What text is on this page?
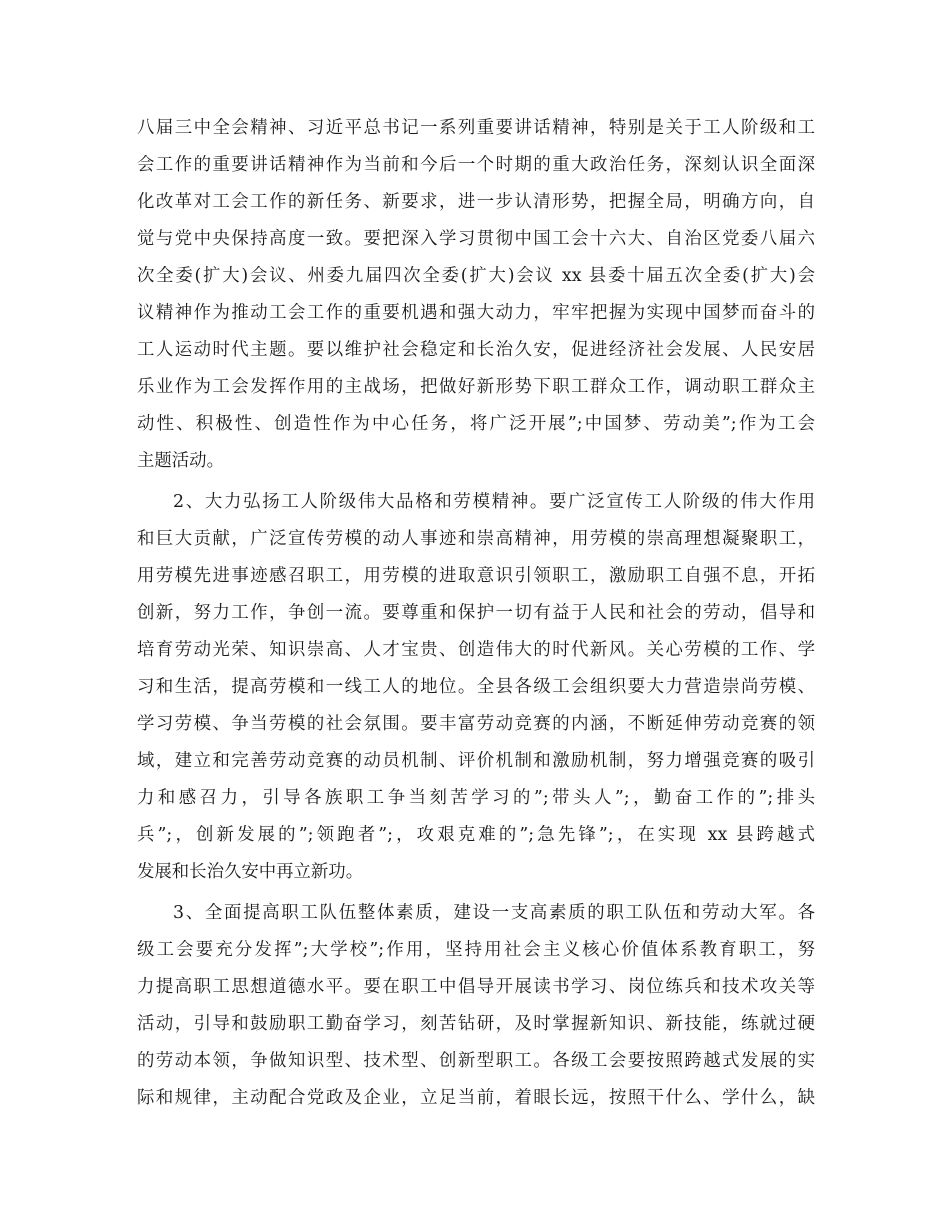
八届三中全会精神、习近平总书记一系列重要讲话精神，特别是关于工人阶级和工
会工作的重要讲话精神作为当前和今后一个时期的重大政治任务，深刻认识全面深
化改革对工会工作的新任务、新要求，进一步认清形势，把握全局，明确方向，自
觉与党中央保持高度一致。要把深入学习贯彻中国工会十六大、自治区党委八届六
次全委(扩大)会议、州委九届四次全委(扩大)会议 xx 县委十届五次全委(扩大)会
议精神作为推动工会工作的重要机遇和强大动力，牢牢把握为实现中国梦而奋斗的
工人运动时代主题。要以维护社会稳定和长治久安，促进经济社会发展、人民安居
乐业作为工会发挥作用的主战场，把做好新形势下职工群众工作，调动职工群众主
动性、积极性、创造性作为中心任务，将广泛开展”;中国梦、劳动美”;作为工会
主题活动。
2、大力弘扬工人阶级伟大品格和劳模精神。要广泛宣传工人阶级的伟大作用
和巨大贡献，广泛宣传劳模的动人事迹和崇高精神，用劳模的崇高理想凝聚职工，
用劳模先进事迹感召职工，用劳模的进取意识引领职工，激励职工自强不息，开拓
创新，努力工作，争创一流。要尊重和保护一切有益于人民和社会的劳动，倡导和
培育劳动光荣、知识崇高、人才宝贵、创造伟大的时代新风。关心劳模的工作、学
习和生活，提高劳模和一线工人的地位。全县各级工会组织要大力营造崇尚劳模、
学习劳模、争当劳模的社会氛围。要丰富劳动竞赛的内涵，不断延伸劳动竞赛的领
域，建立和完善劳动竞赛的动员机制、评价机制和激励机制，努力增强竞赛的吸引
力和感召力，引导各族职工争当刻苦学习的”;带头人”;，勤奋工作的”;排头
兵”;，创新发展的”;领跑者”;，攻艰克难的”;急先锋”;，在实现 xx 县跨越式
发展和长治久安中再立新功。
3、全面提高职工队伍整体素质，建设一支高素质的职工队伍和劳动大军。各
级工会要充分发挥”;大学校”;作用，坚持用社会主义核心价值体系教育职工，努
力提高职工思想道德水平。要在职工中倡导开展读书学习、岗位练兵和技术攻关等
活动，引导和鼓励职工勤奋学习，刻苦钻研，及时掌握新知识、新技能，练就过硬
的劳动本领，争做知识型、技术型、创新型职工。各级工会要按照跨越式发展的实
际和规律，主动配合党政及企业，立足当前，着眼长远，按照干什么、学什么，缺
